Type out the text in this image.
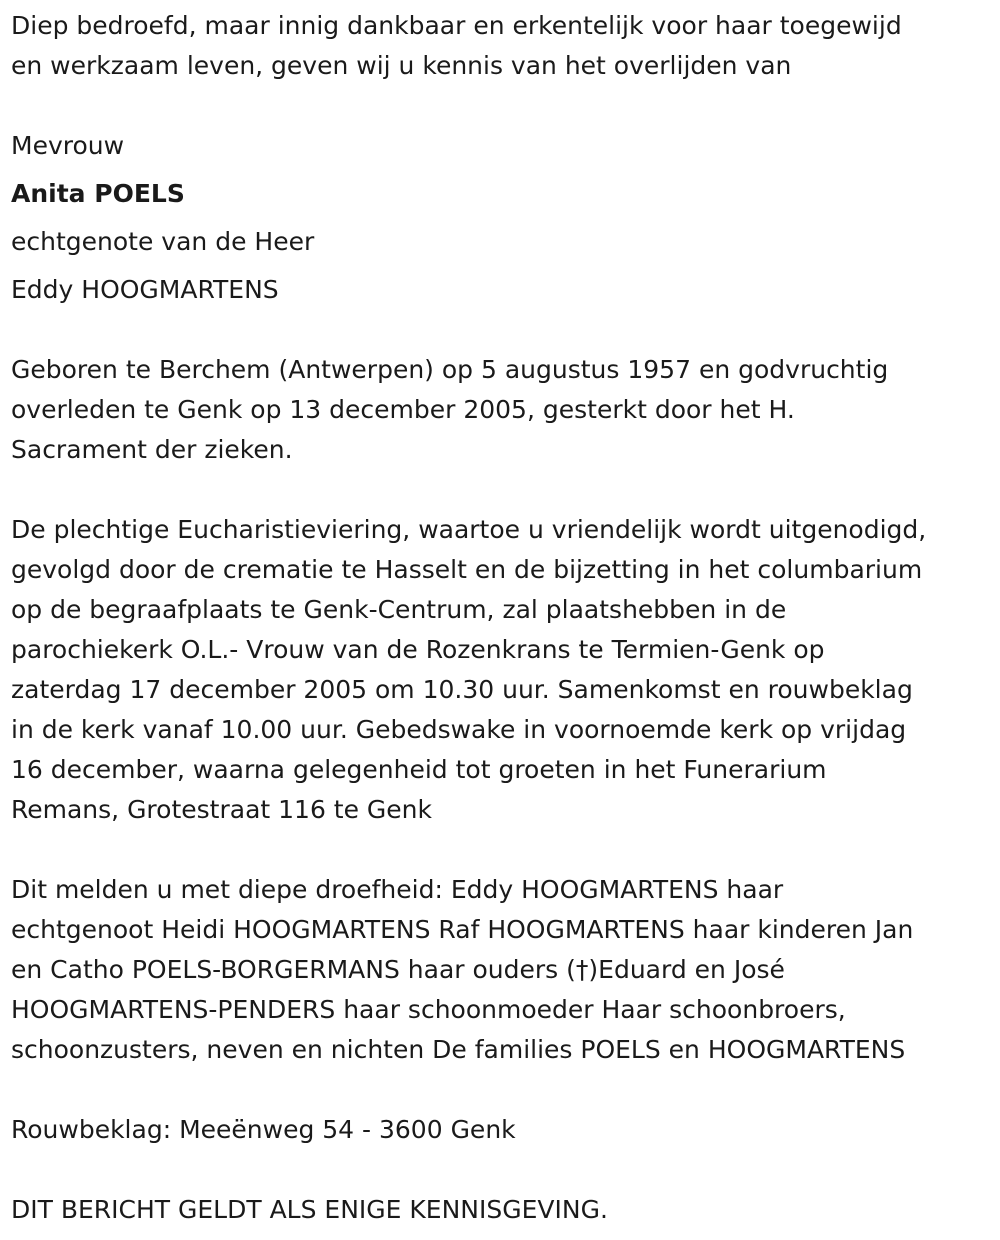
Diep bedroefd, maar innig dankbaar en erkentelijk voor haar toegewijd
en werkzaam leven, geven wij u kennis van het overlijden van

Mevrouw
Anita POELS
echtgenote van de Heer
Eddy HOOGMARTENS

Geboren te Berchem (Antwerpen) op 5 augustus 1957 en godvruchtig
overleden te Genk op 13 december 2005, gesterkt door het H.
Sacrament der zieken.

De plechtige Eucharistieviering, waartoe u vriendelijk wordt uitgenodigd,
gevolgd door de crematie te Hasselt en de bijzetting in het columbarium
op de begraafplaats te Genk-Centrum, zal plaatshebben in de
parochiekerk O.L.- Vrouw van de Rozenkrans te Termien-Genk op
zaterdag 17 december 2005 om 10.30 uur. Samenkomst en rouwbeklag
in de kerk vanaf 10.00 uur. Gebedswake in voornoemde kerk op vrijdag
16 december, waarna gelegenheid tot groeten in het Funerarium
Remans, Grotestraat 116 te Genk

Dit melden u met diepe droefheid: Eddy HOOGMARTENS haar
echtgenoot Heidi HOOGMARTENS Raf HOOGMARTENS haar kinderen Jan
en Catho POELS-BORGERMANS haar ouders (†)Eduard en José
HOOGMARTENS-PENDERS haar schoonmoeder Haar schoonbroers,
schoonzusters, neven en nichten De families POELS en HOOGMARTENS

Rouwbeklag: Meeënweg 54 - 3600 Genk

DIT BERICHT GELDT ALS ENIGE KENNISGEVING.
